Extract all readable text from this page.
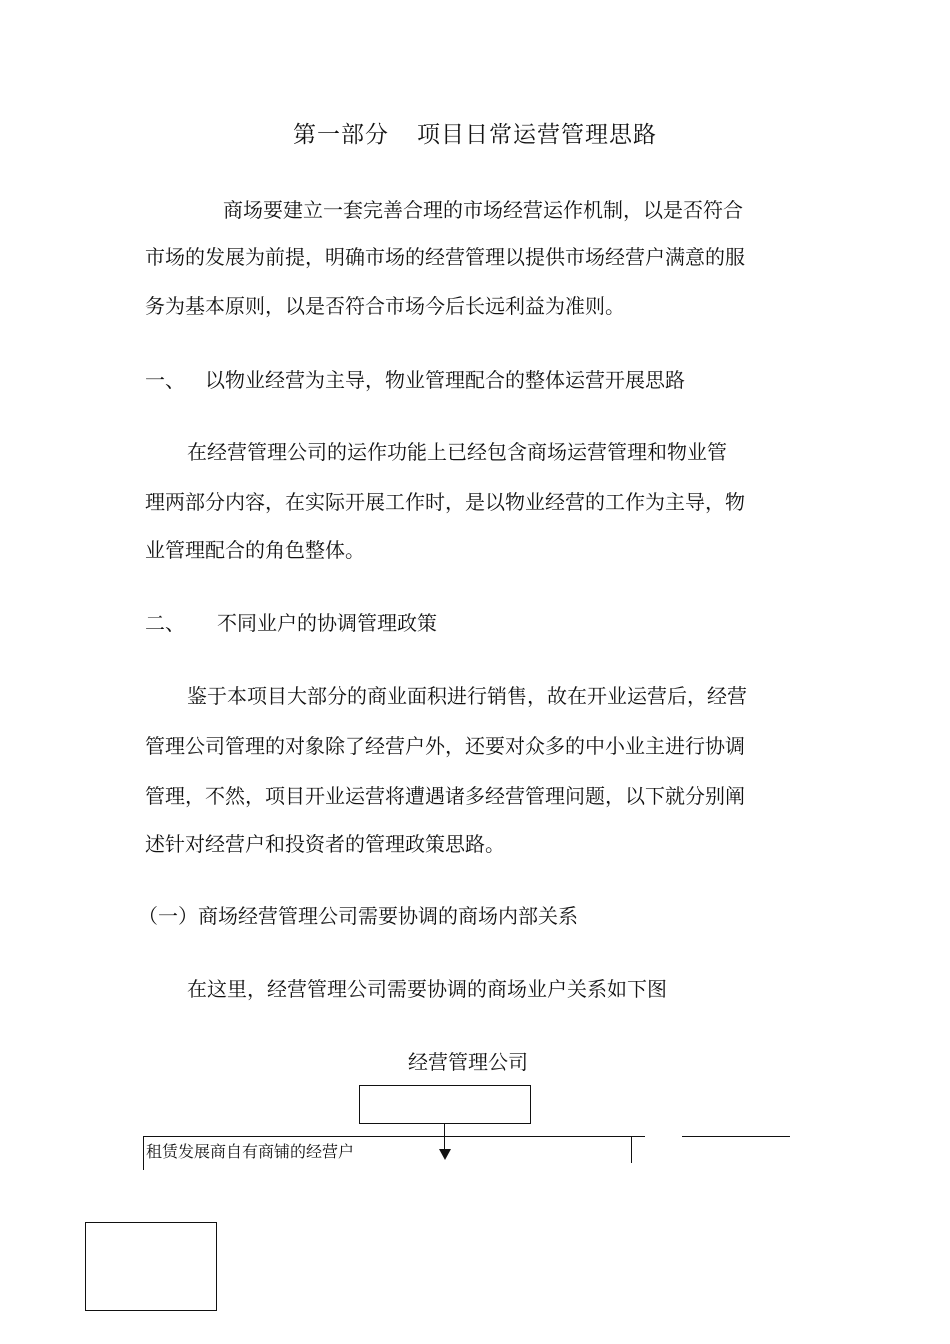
第一部分 项目日常运营管理思路
商场要建立一套完善合理的市场经营运作机制，以是否符合
市场的发展为前提，明确市场的经营管理以提供市场经营户满意的服
务为基本原则，以是否符合市场今后长远利益为准则。
一、 以物业经营为主导，物业管理配合的整体运营开展思路
在经营管理公司的运作功能上已经包含商场运营管理和物业管
理两部分内容，在实际开展工作时，是以物业经营的工作为主导，物
业管理配合的角色整体。
二、 不同业户的协调管理政策
鉴于本项目大部分的商业面积进行销售，故在开业运营后，经营
管理公司管理的对象除了经营户外，还要对众多的中小业主进行协调
管理，不然，项目开业运营将遭遇诸多经营管理问题，以下就分别阐
述针对经营户和投资者的管理政策思路。
（一）商场经营管理公司需要协调的商场内部关系
在这里，经营管理公司需要协调的商场业户关系如下图
经营管理公司
租赁发展商自有商铺的经营户
